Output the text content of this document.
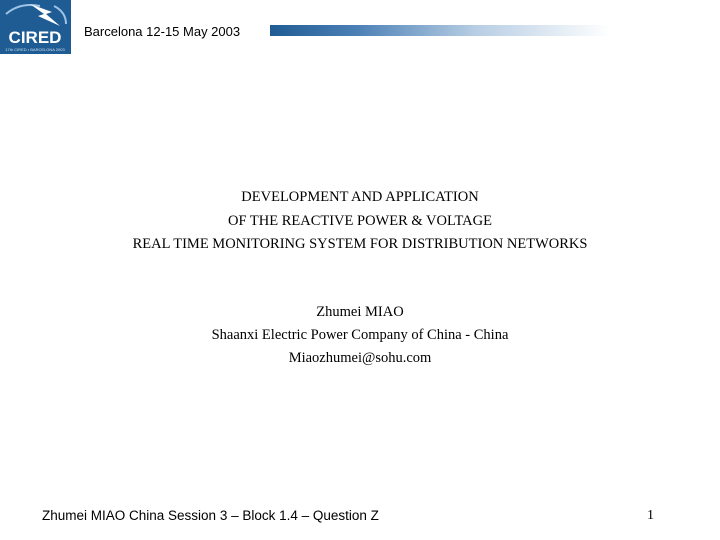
CIRED
17th CIRED • BARCELONA 2003
Barcelona 12-15 May 2003
DEVELOPMENT AND APPLICATION
OF THE REACTIVE POWER & VOLTAGE
REAL TIME MONITORING SYSTEM FOR DISTRIBUTION NETWORKS
Zhumei MIAO
Shaanxi Electric Power Company of China - China
Miaozhumei@sohu.com
Zhumei MIAO China Session 3 – Block 1.4 – Question Z	1
